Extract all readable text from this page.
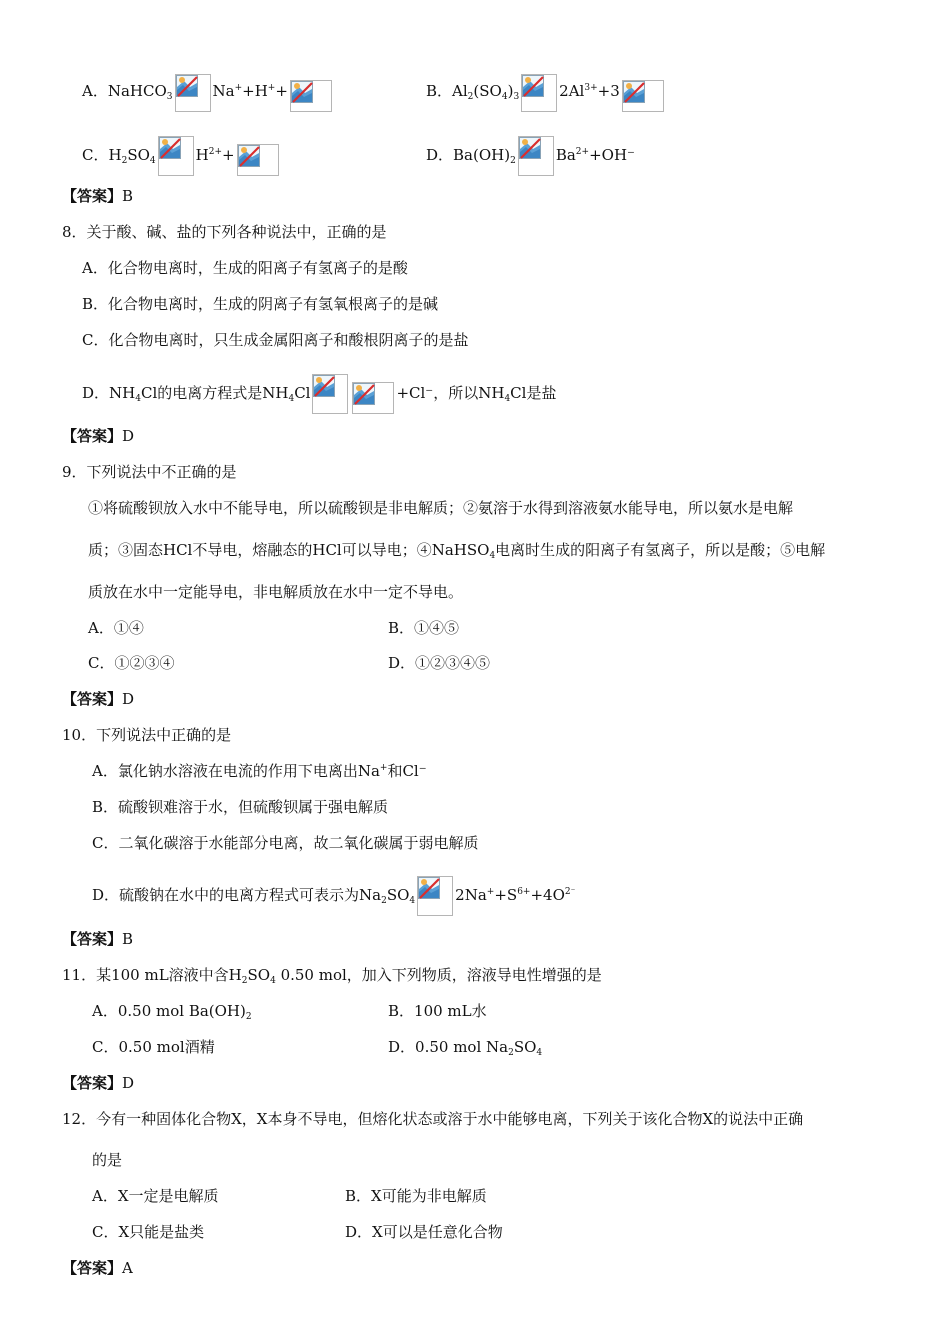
A．NaHCO$_3$	Na++H++	B．$Al_2(SO_4)_3$	$2Al^{3+}+3$
C．$H_2SO_4$	$H^{2+}+$	D．$Ba(OH)_2$	$Ba^{2+}+OH^-$
【答案】B
8．关于酸、碱、盐的下列各种说法中，正确的是
A．化合物电离时，生成的阳离子有氢离子的是酸
B．化合物电离时，生成的阴离子有氢氧根离子的是碱
C．化合物电离时，只生成金属阳离子和酸根阴离子的是盐
D．$NH_4Cl$的电离方程式是$NH_4Cl$	+Cl⁻，所以$NH_4Cl$是盐
【答案】D
9．下列说法中不正确的是
①将硫酸钡放入水中不能导电，所以硫酸钡是非电解质；②氨溶于水得到溶液氨水能导电，所以氨水是电解
质；③固态HCl不导电，熔融态的HCl可以导电；④NaHSO$_4$电离时生成的阳离子有氢离子，所以是酸；⑤电解
质放在水中一定能导电，非电解质放在水中一定不导电。
A．①④	B．①④⑤
C．①②③④	D．①②③④⑤
【答案】D
10．下列说法中正确的是
A．氯化钠水溶液在电流的作用下电离出Na+和Cl⁻
B．硫酸钡难溶于水，但硫酸钡属于强电解质
C．二氧化碳溶于水能部分电离，故二氧化碳属于弱电解质
D．硫酸钠在水中的电离方程式可表示为$Na_2SO_4$	$2Na^++S^{6+}+4O^{2^-}$
【答案】B
11．某100 mL溶液中含$H_2SO_4$ 0.50 mol，加入下列物质，溶液导电性增强的是
A．0.50 mol $Ba(OH)_2$	B．100 mL水
C．0.50 mol酒精	D．0.50 mol $Na_2SO_4$
【答案】D
12．今有一种固体化合物X，X本身不导电，但熔化状态或溶于水中能够电离，下列关于该化合物X的说法中正确
的是
A．X一定是电解质	B．X可能为非电解质
C．X只能是盐类	D．X可以是任意化合物
【答案】A
